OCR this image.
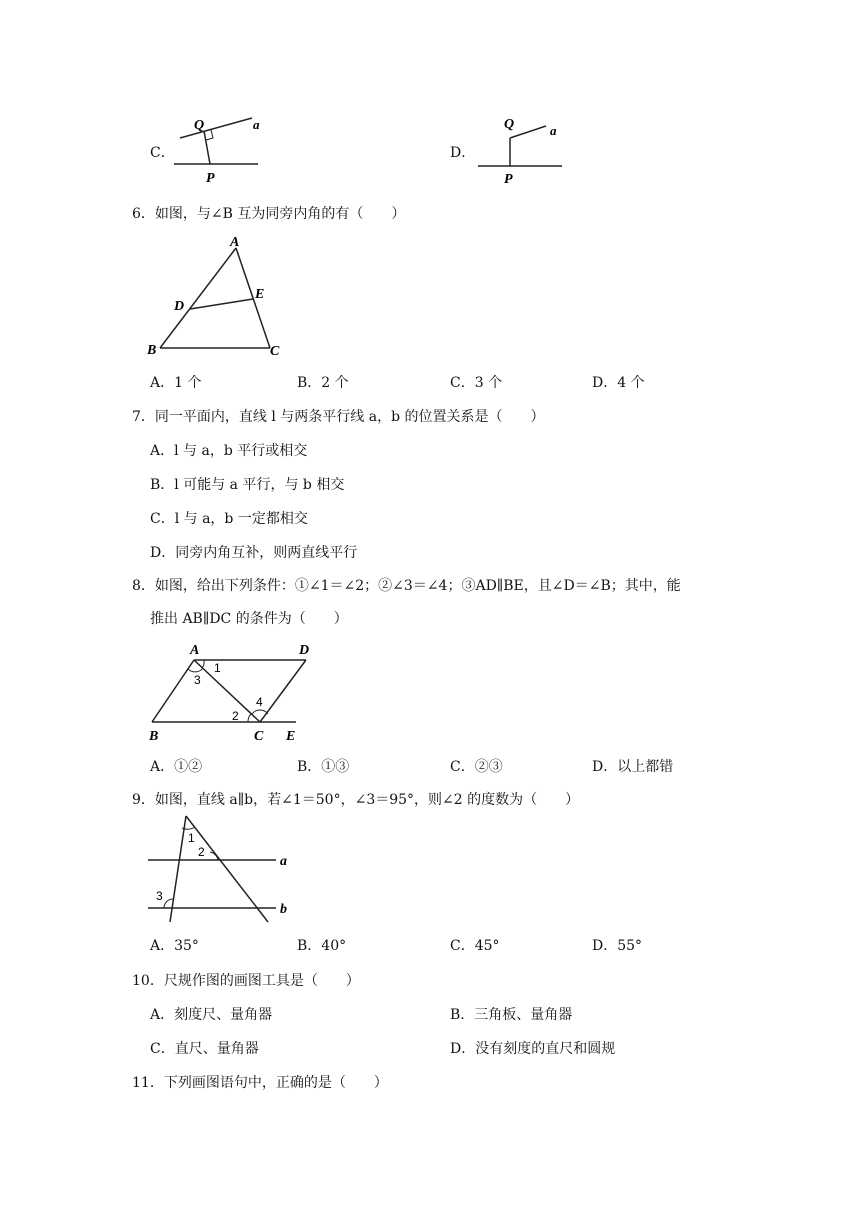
C．
Q	a
P
D．
Q	a
P
6．如图，与∠B 互为同旁内角的有（　　）
A
B	C
D
E
A．1 个	B．2 个	C．3 个	D．4 个
7．同一平面内，直线 l 与两条平行线 a，b 的位置关系是（　　）
A．l 与 a，b 平行或相交
B．l 可能与 a 平行，与 b 相交
C．l 与 a，b 一定都相交
D．同旁内角互补，则两直线平行
8．如图，给出下列条件：①∠1＝∠2；②∠3＝∠4；③AD∥BE，且∠D＝∠B；其中，能
推出 AB∥DC 的条件为（　　）
A	D
B	C E
1
3
2
4
A．①②	B．①③	C．②③	D．以上都错
9．如图，直线 a∥b，若∠1＝50°，∠3＝95°，则∠2 的度数为（　　）
1
2
3
a
b
A．35°	B．40°	C．45°	D．55°
10．尺规作图的画图工具是（　　）
A．刻度尺、量角器	B．三角板、量角器
C．直尺、量角器	D．没有刻度的直尺和圆规
11．下列画图语句中，正确的是（　　）
